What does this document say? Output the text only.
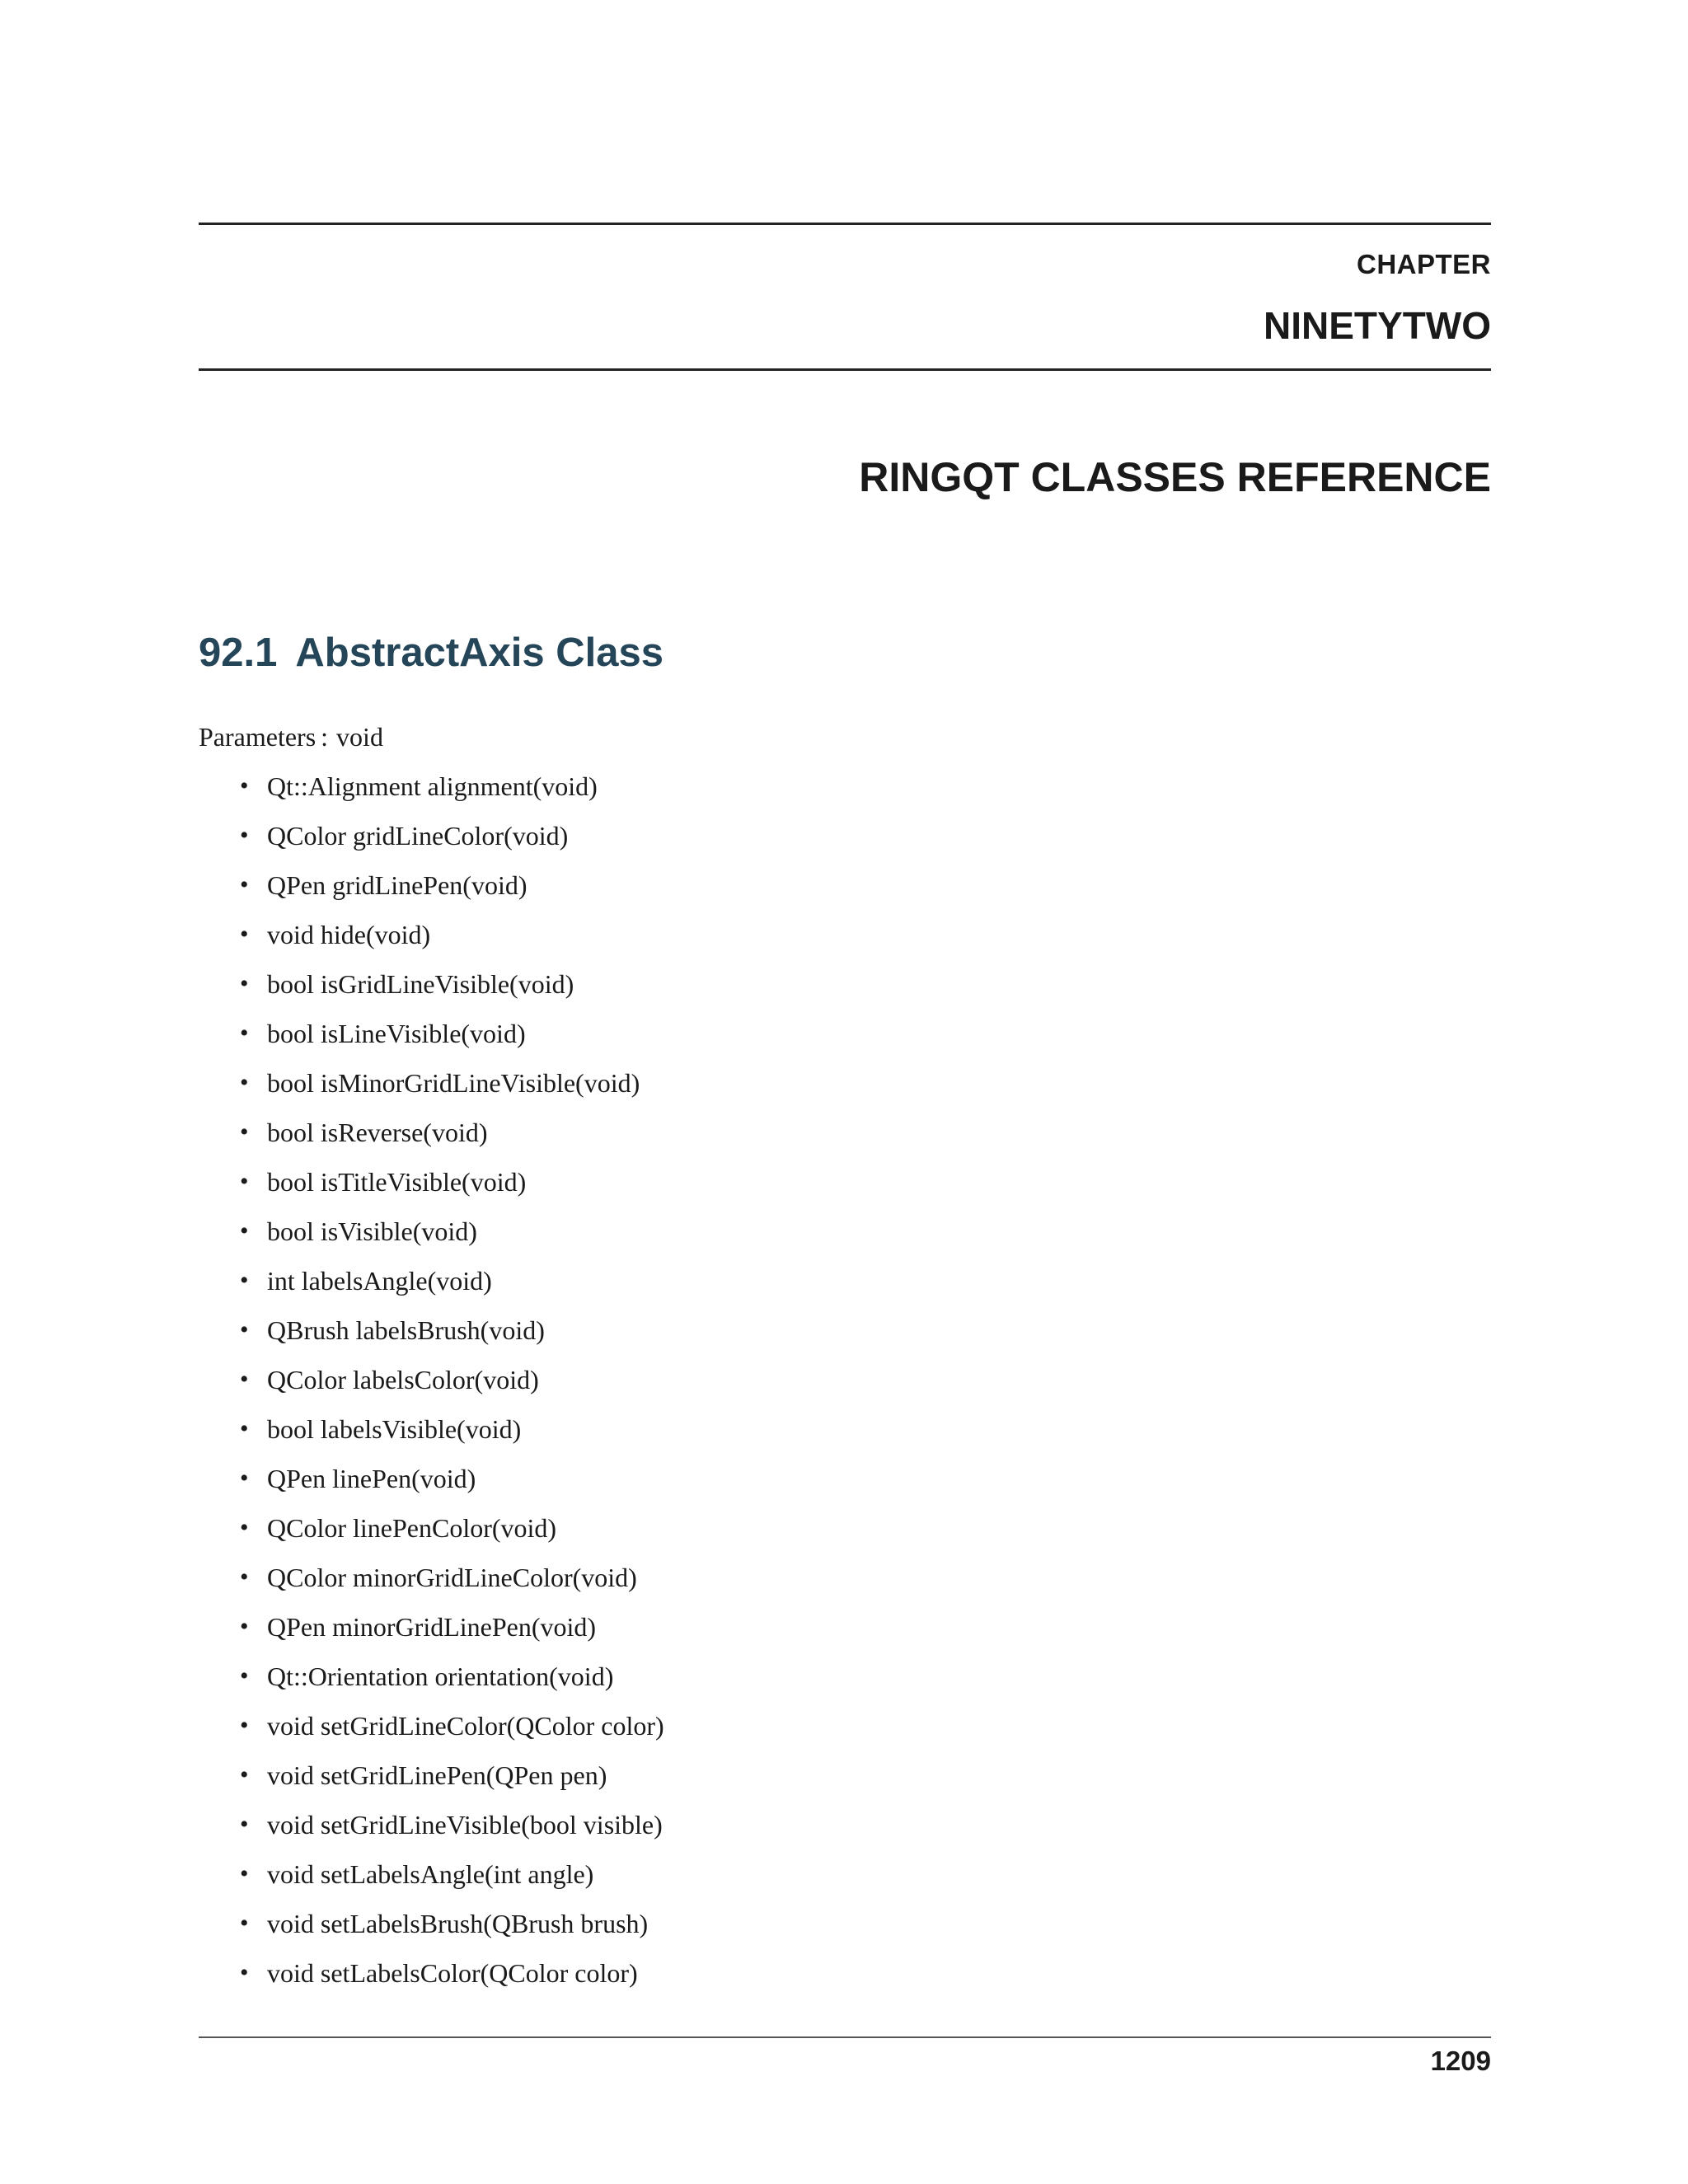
CHAPTER
NINETYTWO
RINGQT CLASSES REFERENCE
92.1 AbstractAxis Class
Parameters : void
• Qt::Alignment alignment(void)
• QColor gridLineColor(void)
• QPen gridLinePen(void)
• void hide(void)
• bool isGridLineVisible(void)
• bool isLineVisible(void)
• bool isMinorGridLineVisible(void)
• bool isReverse(void)
• bool isTitleVisible(void)
• bool isVisible(void)
• int labelsAngle(void)
• QBrush labelsBrush(void)
• QColor labelsColor(void)
• bool labelsVisible(void)
• QPen linePen(void)
• QColor linePenColor(void)
• QColor minorGridLineColor(void)
• QPen minorGridLinePen(void)
• Qt::Orientation orientation(void)
• void setGridLineColor(QColor color)
• void setGridLinePen(QPen pen)
• void setGridLineVisible(bool visible)
• void setLabelsAngle(int angle)
• void setLabelsBrush(QBrush brush)
• void setLabelsColor(QColor color)
1209
